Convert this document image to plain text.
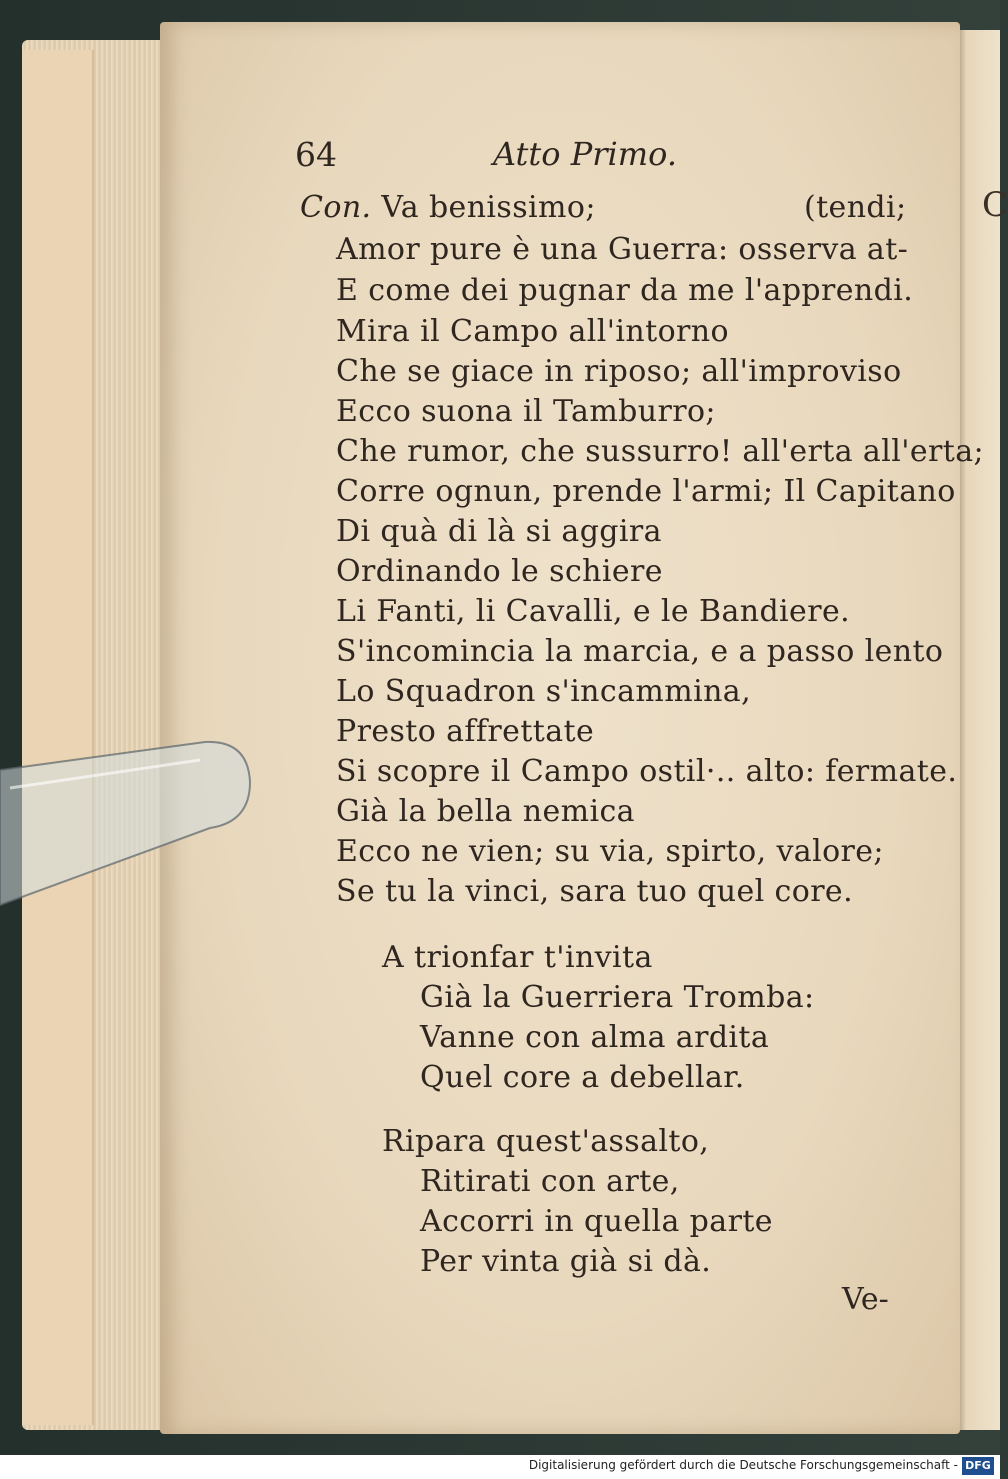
C
64	Atto Primo.
Con. Va benissimo;	(tendi;
Amor pure è una Guerra: osserva at-
E come dei pugnar da me l'apprendi.
Mira il Campo all'intorno
Che se giace in riposo; all'improviso
Ecco suona il Tamburro;
Che rumor, che sussurro! all'erta all'erta;
Corre ognun, prende l'armi; Il Capitano
Di quà di là si aggira
Ordinando le schiere
Li Fanti, li Cavalli, e le Bandiere.
S'incomincia la marcia, e a passo lento
Lo Squadron s'incammina,
Presto affrettate
Si scopre il Campo ostil·.. alto: fermate.
Già la bella nemica
Ecco ne vien; su via, spirto, valore;
Se tu la vinci, sara tuo quel core.
A trionfar t'invita
Già la Guerriera Tromba:
Vanne con alma ardita
Quel core a debellar.
Ripara quest'assalto,
Ritirati con arte,
Accorri in quella parte
Per vinta già si dà.
Ve-
Digitalisierung gefördert durch die Deutsche Forschungsgemeinschaft - DFG
